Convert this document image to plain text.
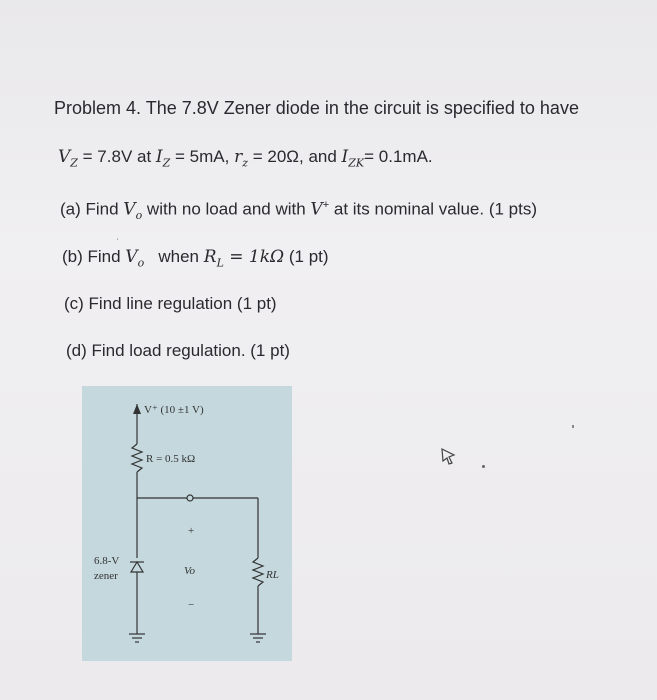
Problem 4. The 7.8V Zener diode in the circuit is specified to have
$V_Z = 7.8V$ at $I_Z = 5mA$, $r_z = 20\Omega$, and $I_{ZK}= 0.1mA$.
(a) Find $V_o$ with no load and with V+ at its nominal value. (1 pts)
ˈ
(b) Find $V_o$   when $R_L = 1k\Omega$ (1 pt)
(c) Find line regulation (1 pt)
(d) Find load regulation. (1 pt)
V⁺ (10 ±1 V)
R = 0.5 kΩ
6.8-V
zener
+
Vo
−
RL
